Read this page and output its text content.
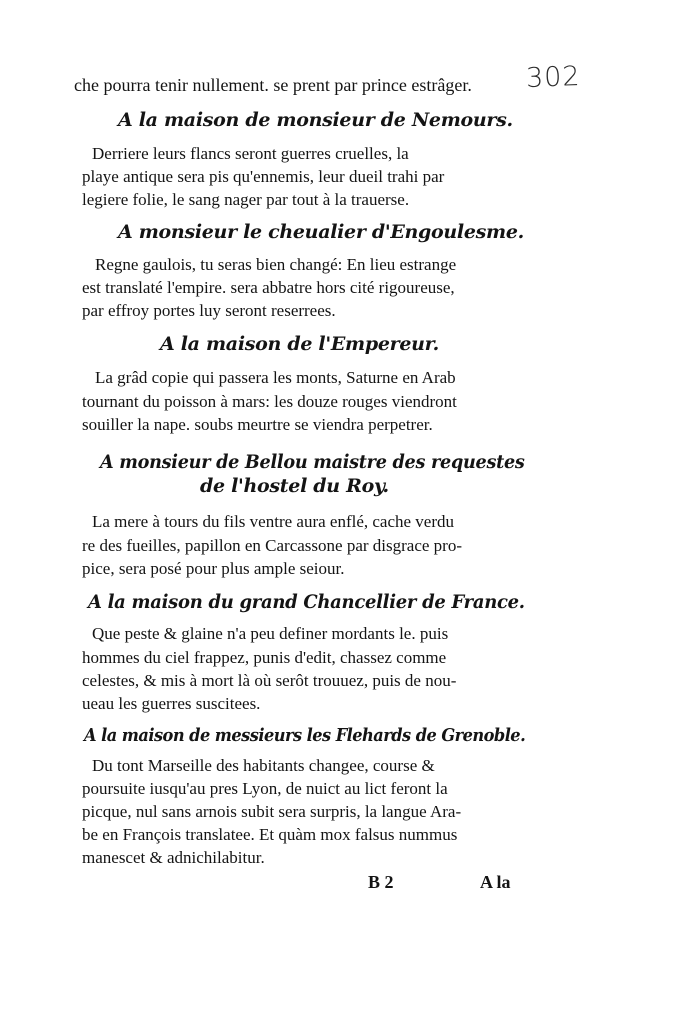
302
che pourra tenir nullement. se prent par prince estrâger.
A la maison de monsieur de Nemours.
Derriere leurs flancs seront guerres cruelles, la
playe antique sera pis qu'ennemis, leur dueil trahi par
legiere folie, le sang nager par tout à la trauerse.
A monsieur le cheualier d'Engoulesme.
Regne gaulois, tu seras bien changé: En lieu estrange
est translaté l'empire. sera abbatre hors cité rigoureuse,
par effroy portes luy seront reserrees.
A la maison de l'Empereur.
La grâd copie qui passera les monts, Saturne en Arab
tournant du poisson à mars: les douze rouges viendront
souiller la nape. soubs meurtre se viendra perpetrer.
A monsieur de Bellou maistre des requestes
de l'hostel du Roy.
La mere à tours du fils ventre aura enflé, cache verdu
re des fueilles, papillon en Carcassone par disgrace pro-
pice, sera posé pour plus ample seiour.
A la maison du grand Chancellier de France.
Que peste & glaine n'a peu definer mordants le. puis
hommes du ciel frappez, punis d'edit, chassez comme
celestes, & mis à mort là où serôt trouuez, puis de nou-
ueau les guerres suscitees.
A la maison de messieurs les Flehards de Grenoble.
Du tont Marseille des habitants changee, course &
poursuite iusqu'au pres Lyon, de nuict au lict feront la
picque, nul sans arnois subit sera surpris, la langue Ara-
be en François translatee. Et quàm mox falsus nummus
manescet & adnichilabitur.
B 2	A la
